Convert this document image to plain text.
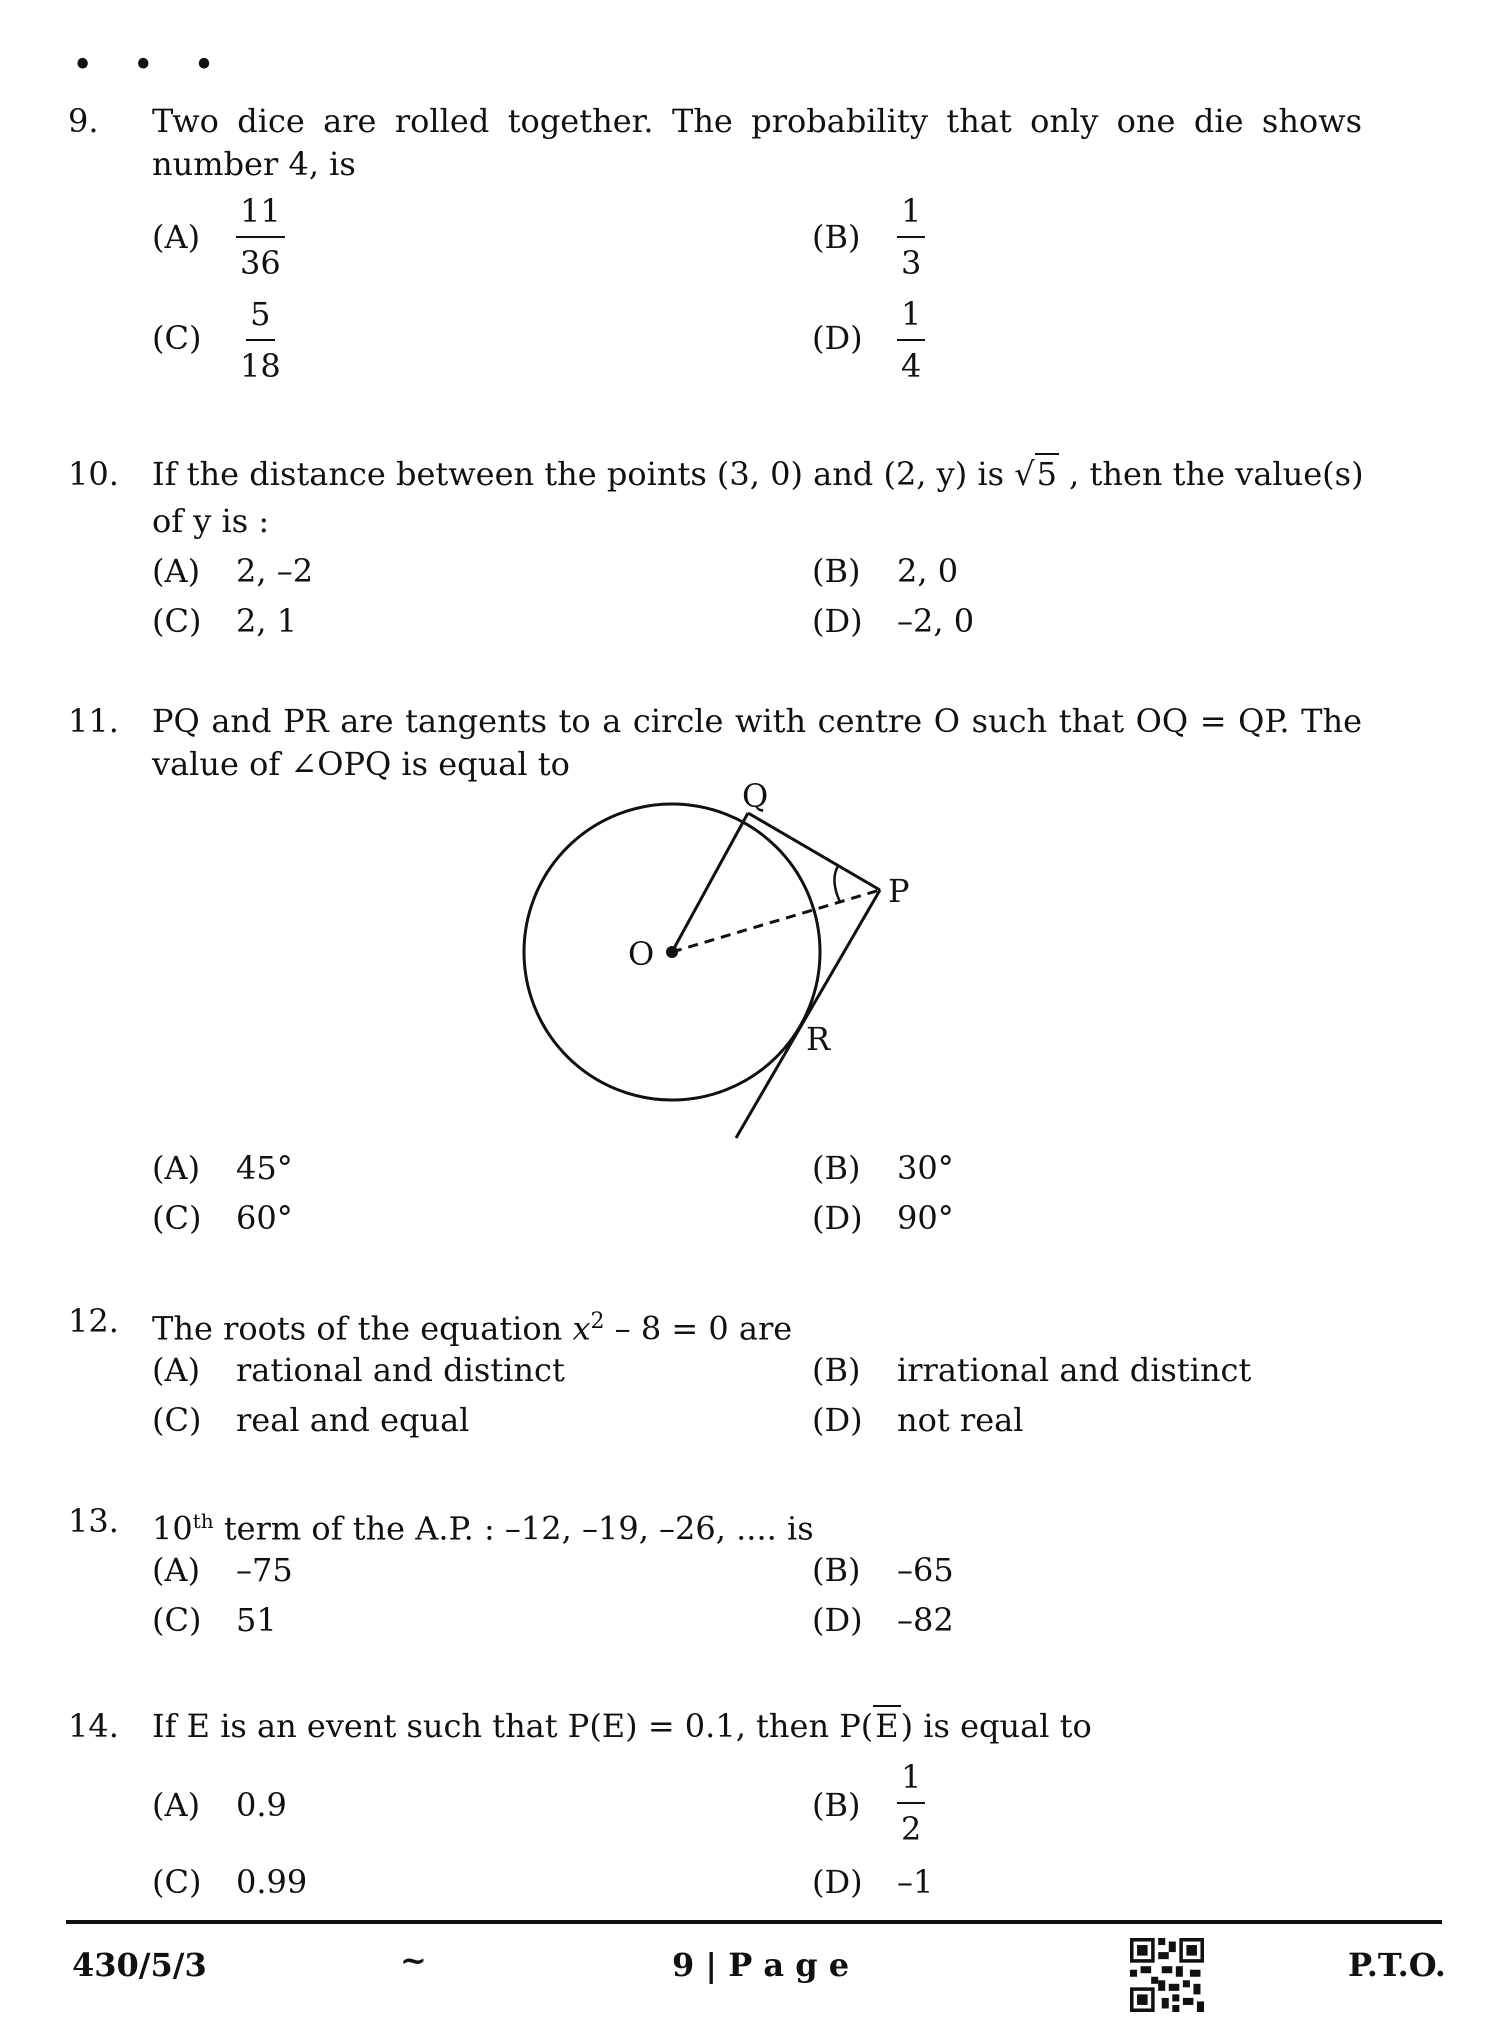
• • •
9. Two dice are rolled together. The probability that only one die shows
number 4, is
$(A) \frac{11}{36}$	$(B) \frac{1}{3}$
$(C) \frac{5}{18}$	$(D) \frac{1}{4}$
10. If the distance between the points (3, 0) and (2, y) is √5 , then the value(s)
of y is :
(A) 2, –2	(B) 2, 0
(C) 2, 1	(D) –2, 0
11. PQ and PR are tangents to a circle with centre O such that OQ = QP. The
value of ∠OPQ is equal to
Q
P
O
R
(A) 45°	(B) 30°
(C) 60°	(D) 90°
12. The roots of the equation $x^2 - 8 = 0$ are
(A) rational and distinct	(B) irrational and distinct
(C) real and equal	(D) not real
13. 10th term of the A.P. : –12, –19, –26, .... is
(A) –75	(B) –65
(C) 51	(D) –82
14. If E is an event such that P(E) = 0.1, then P(E) is equal to
(A) 0.9	$(B) \frac{1}{2}$
(C) 0.99	(D) –1
430/5/3	~	9 | P a g e	P.T.O.
